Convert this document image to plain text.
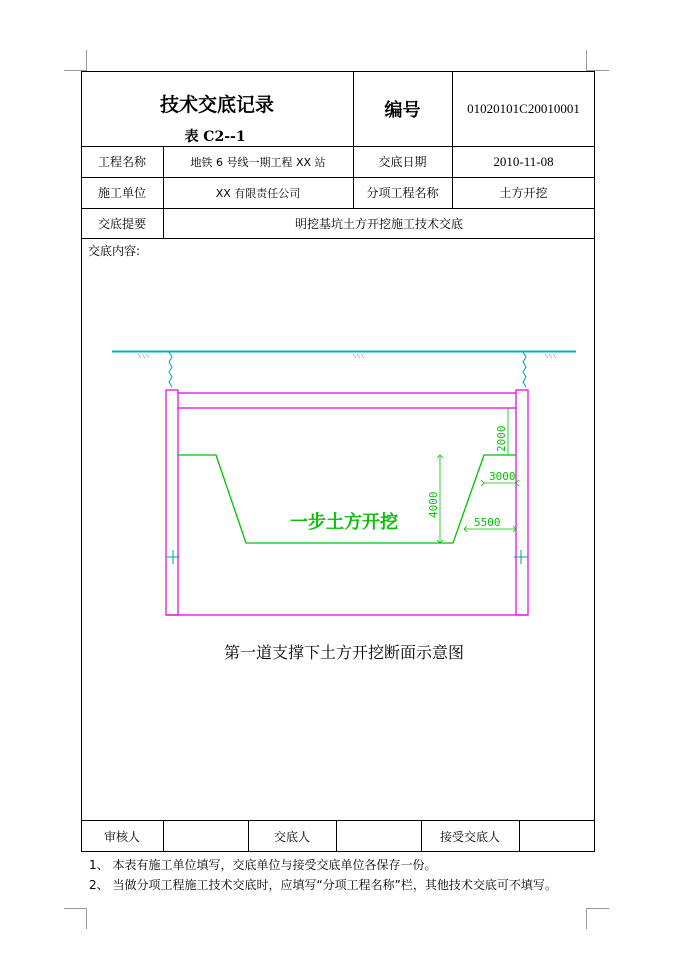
技术交底记录
表 C2--1
编号	01020101C20010001
工程名称	地铁 6 号线一期工程 XX 站	交底日期	2010-11-08
施工单位	XX 有限责任公司	分项工程名称	土方开挖
交底提要	明挖基坑土方开挖施工技术交底
交底内容:
2000
4000
3000
5500
一步土方开挖
第一道支撑下土方开挖断面示意图
审核人	交底人	接受交底人
1、 本表有施工单位填写，交底单位与接受交底单位各保存一份。
2、 当做分项工程施工技术交底时，应填写“分项工程名称”栏，其他技术交底可不填写。
